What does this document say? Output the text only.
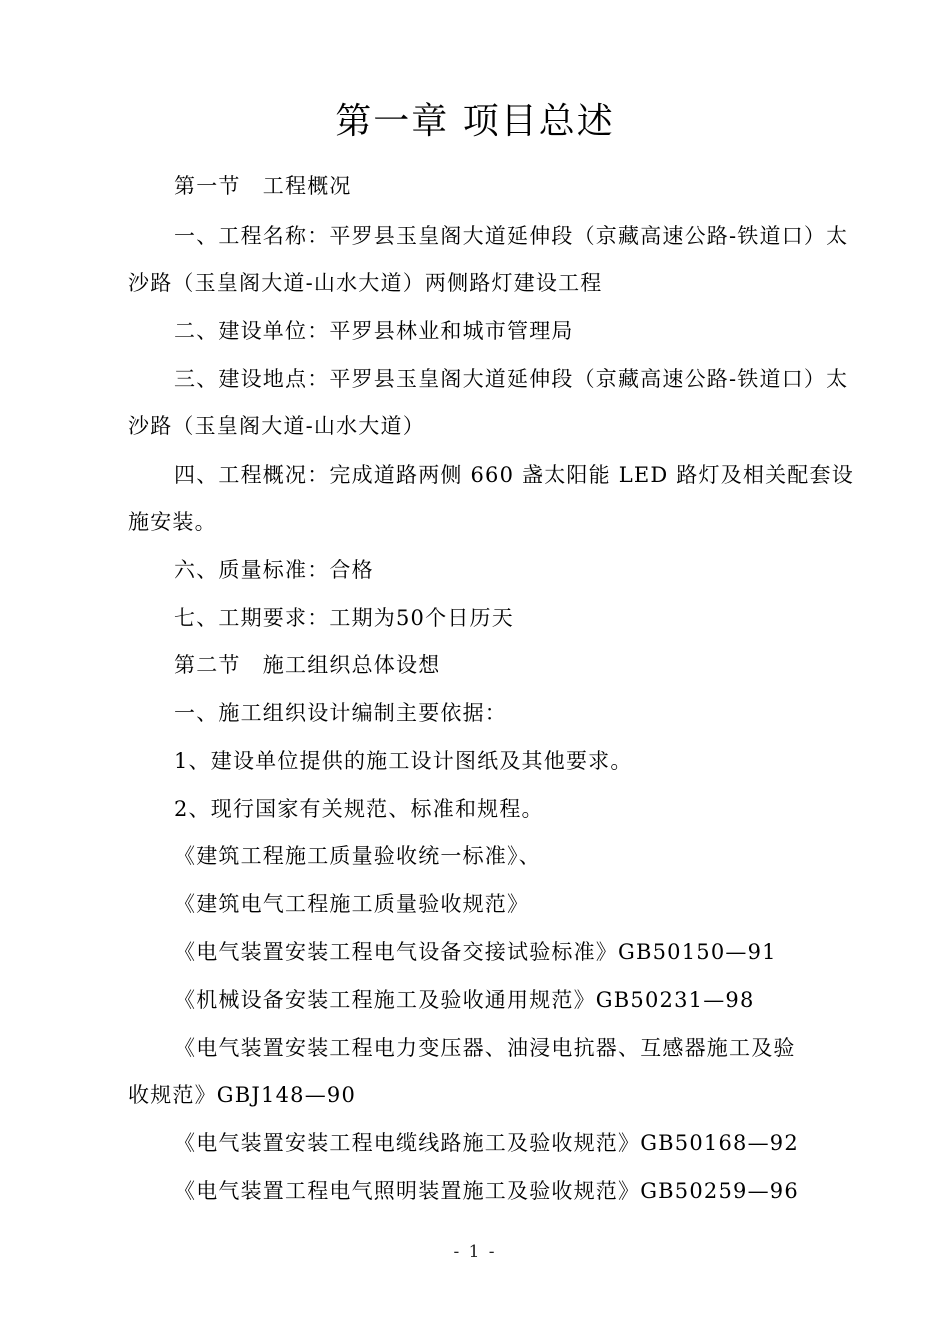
第一章 项目总述
第一节　工程概况
一、工程名称：平罗县玉皇阁大道延伸段（京藏高速公路-铁道口）太
沙路（玉皇阁大道-山水大道）两侧路灯建设工程
二、建设单位：平罗县林业和城市管理局
三、建设地点：平罗县玉皇阁大道延伸段（京藏高速公路-铁道口）太
沙路（玉皇阁大道-山水大道）
四、工程概况：完成道路两侧 660 盏太阳能 LED 路灯及相关配套设
施安装。
六、质量标准：合格
七、工期要求：工期为50个日历天
第二节　施工组织总体设想
一、施工组织设计编制主要依据：
1、建设单位提供的施工设计图纸及其他要求。
2、现行国家有关规范、标准和规程。
《建筑工程施工质量验收统一标准》、
《建筑电气工程施工质量验收规范》
《电气装置安装工程电气设备交接试验标准》GB50150—91
《机械设备安装工程施工及验收通用规范》GB50231—98
《电气装置安装工程电力变压器、油浸电抗器、互感器施工及验
收规范》GBJ148—90
《电气装置安装工程电缆线路施工及验收规范》GB50168—92
《电气装置工程电气照明装置施工及验收规范》GB50259—96
- 1 -
